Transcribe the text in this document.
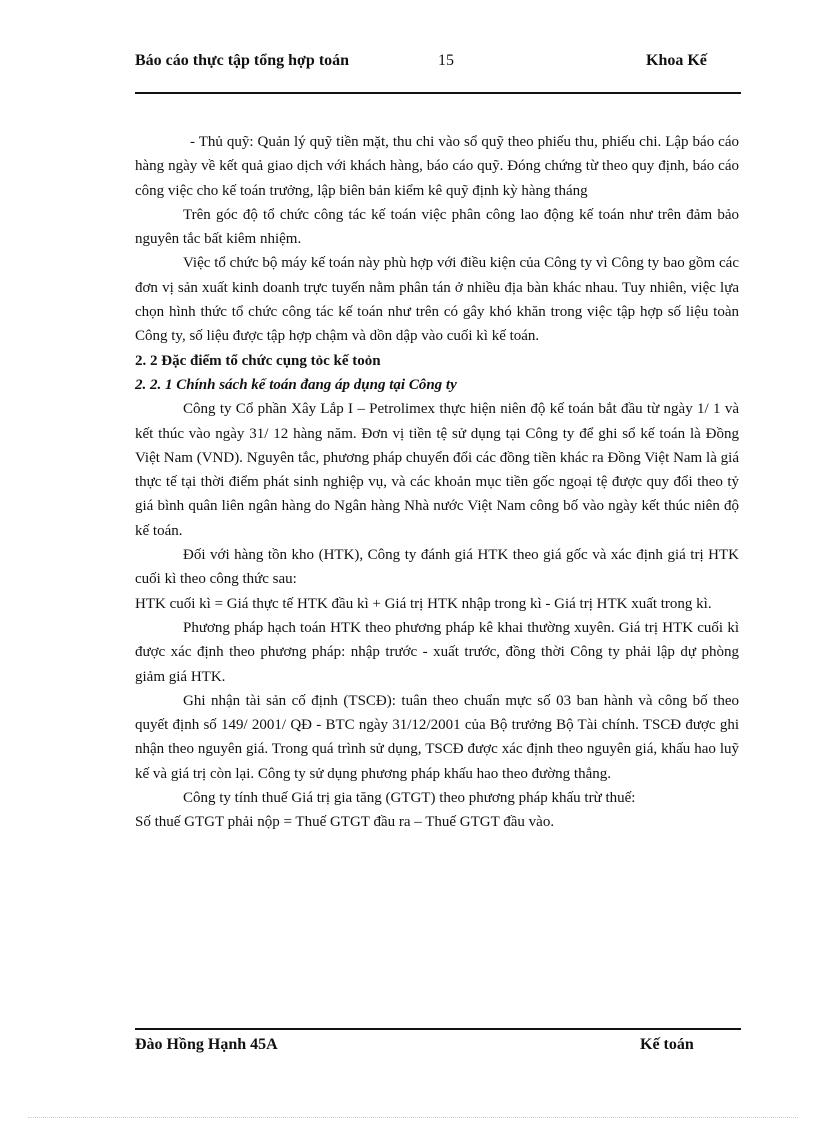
Báo cáo thực tập tổng hợp toán	15	Khoa Kế

- Thủ quỹ: Quản lý quỹ tiền mặt, thu chi vào sổ quỹ theo phiếu thu, phiếu chi. Lập báo cáo hàng ngày về kết quả giao dịch với khách hàng, báo cáo quỹ. Đóng chứng từ theo quy định, báo cáo công việc cho kế toán trưởng, lập biên bản kiểm kê quỹ định kỳ hàng tháng

Trên góc độ tổ chức công tác kế toán việc phân công lao động kế toán như trên đảm bảo nguyên tắc bất kiêm nhiệm.

Việc tổ chức bộ máy kế toán này phù hợp với điều kiện của Công ty vì Công ty bao gồm các đơn vị sản xuất kinh doanh trực tuyến nằm phân tán ở nhiều địa bàn khác nhau. Tuy nhiên, việc lựa chọn hình thức tổ chức công tác kế toán như trên có gây khó khăn trong việc tập hợp số liệu toàn Công ty, số liệu được tập hợp chậm và dồn dập vào cuối kì kế toán.

2. 2 Đặc điểm tổ chức cụng tỏc kế toỏn

2. 2. 1 Chính sách kế toán đang áp dụng tại Công ty

Công ty Cổ phần Xây Lắp I – Petrolimex thực hiện niên độ kế toán bắt đầu từ ngày 1/ 1 và kết thúc vào ngày 31/ 12 hàng năm. Đơn vị tiền tệ sử dụng tại Công ty để ghi sổ kế toán là Đồng Việt Nam (VND). Nguyên tắc, phương pháp chuyển đổi các đồng tiền khác ra Đồng Việt Nam là giá thực tế tại thời điểm phát sinh nghiệp vụ, và các khoản mục tiền gốc ngoại tệ được quy đổi theo tỷ giá bình quân liên ngân hàng do Ngân hàng Nhà nước Việt Nam công bố vào ngày kết thúc niên độ kế toán.

Đối với hàng tồn kho (HTK), Công ty đánh giá HTK theo giá gốc và xác định giá trị HTK cuối kì theo công thức sau:

HTK cuối kì = Giá thực tế HTK đầu kì + Giá trị HTK nhập trong kì - Giá trị HTK xuất trong kì.

Phương pháp hạch toán HTK theo phương pháp kê khai thường xuyên. Giá trị HTK cuối kì được xác định theo phương pháp: nhập trước - xuất trước, đồng thời Công ty phải lập dự phòng giảm giá HTK.

Ghi nhận tài sản cố định (TSCĐ): tuân theo chuẩn mực số 03 ban hành và công bố theo quyết định số 149/ 2001/ QĐ - BTC ngày 31/12/2001 của Bộ trưởng Bộ Tài chính. TSCĐ được ghi nhận theo nguyên giá. Trong quá trình sử dụng, TSCĐ được xác định theo nguyên giá, khấu hao luỹ kế và giá trị còn lại. Công ty sử dụng phương pháp khấu hao theo đường thẳng.

Công ty tính thuế Giá trị gia tăng (GTGT) theo phương pháp khấu trừ thuế:

Số thuế GTGT phải nộp = Thuế GTGT đầu ra – Thuế GTGT đầu vào.

Đào Hồng Hạnh 45A	Kế toán
